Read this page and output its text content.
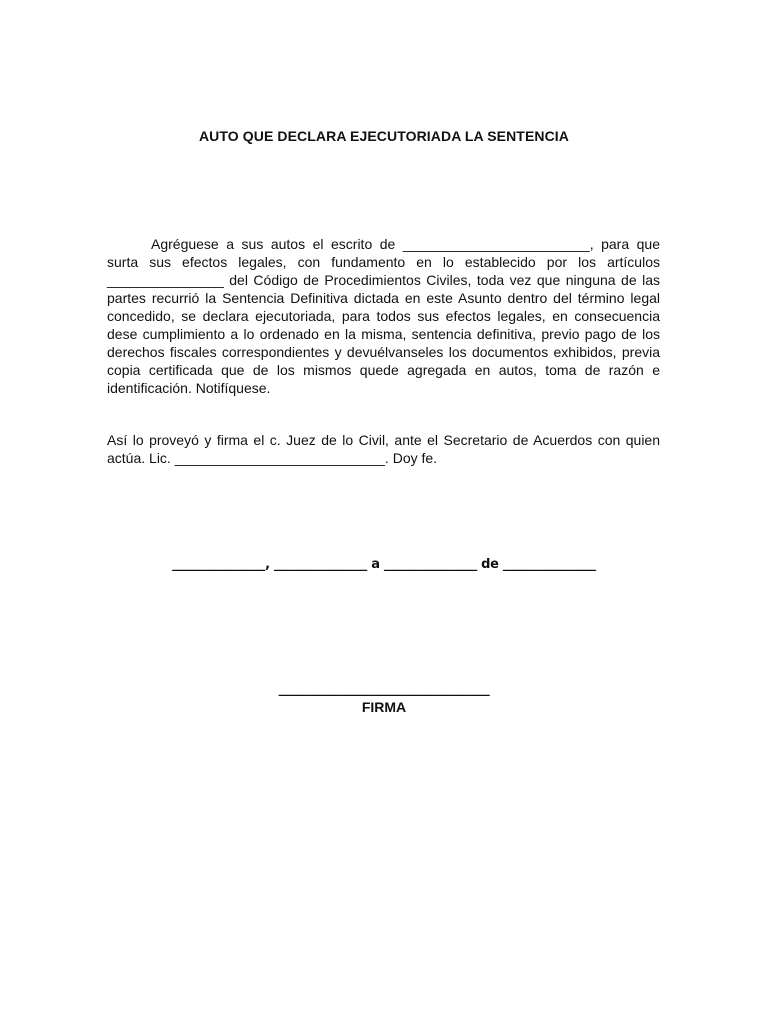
AUTO QUE DECLARA EJECUTORIADA LA SENTENCIA

Agréguese a sus autos el escrito de ________________________, para que surta sus efectos legales, con fundamento en lo establecido por los artículos _______________ del Código de Procedimientos Civiles, toda vez que ninguna de las partes recurrió la Sentencia Definitiva dictada en este Asunto dentro del término legal concedido, se declara ejecutoriada, para todos sus efectos legales, en consecuencia dese cumplimiento a lo ordenado en la misma, sentencia definitiva, previo pago de los derechos fiscales correspondientes y devuélvanseles los documentos exhibidos, previa copia certificada que de los mismos quede agregada en autos, toma de razón e identificación. Notifíquese.

Así lo proveyó y firma el c. Juez de lo Civil, ante el Secretario de Acuerdos con quien actúa. Lic. ___________________________. Doy fe.

_______________, _______________ a _______________ de _______________
__________________________________
FIRMA
